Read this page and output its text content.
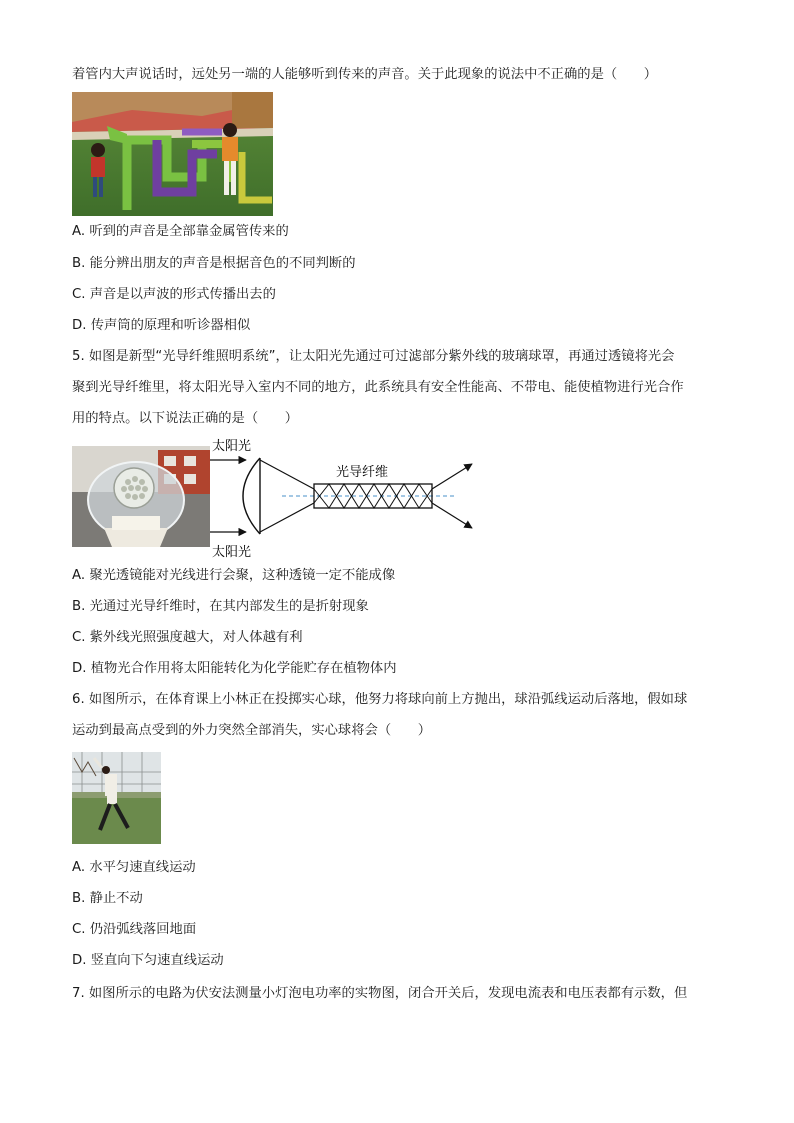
着管内大声说话时，远处另一端的人能够听到传来的声音。关于此现象的说法中不正确的是（　　）
A. 听到的声音是全部靠金属管传来的
B. 能分辨出朋友的声音是根据音色的不同判断的
C. 声音是以声波的形式传播出去的
D. 传声筒的原理和听诊器相似
5. 如图是新型“光导纤维照明系统”，让太阳光先通过可过滤部分紫外线的玻璃球罩，再通过透镜将光会
聚到光导纤维里，将太阳光导入室内不同的地方，此系统具有安全性能高、不带电、能使植物进行光合作
用的特点。以下说法正确的是（　　）
太阳光
太阳光
光导纤维
A. 聚光透镜能对光线进行会聚，这种透镜一定不能成像
B. 光通过光导纤维时，在其内部发生的是折射现象
C. 紫外线光照强度越大，对人体越有利
D. 植物光合作用将太阳能转化为化学能贮存在植物体内
6. 如图所示，在体育课上小林正在投掷实心球，他努力将球向前上方抛出，球沿弧线运动后落地，假如球
运动到最高点受到的外力突然全部消失，实心球将会（　　）
A. 水平匀速直线运动
B. 静止不动
C. 仍沿弧线落回地面
D. 竖直向下匀速直线运动
7. 如图所示的电路为伏安法测量小灯泡电功率的实物图，闭合开关后，发现电流表和电压表都有示数，但
